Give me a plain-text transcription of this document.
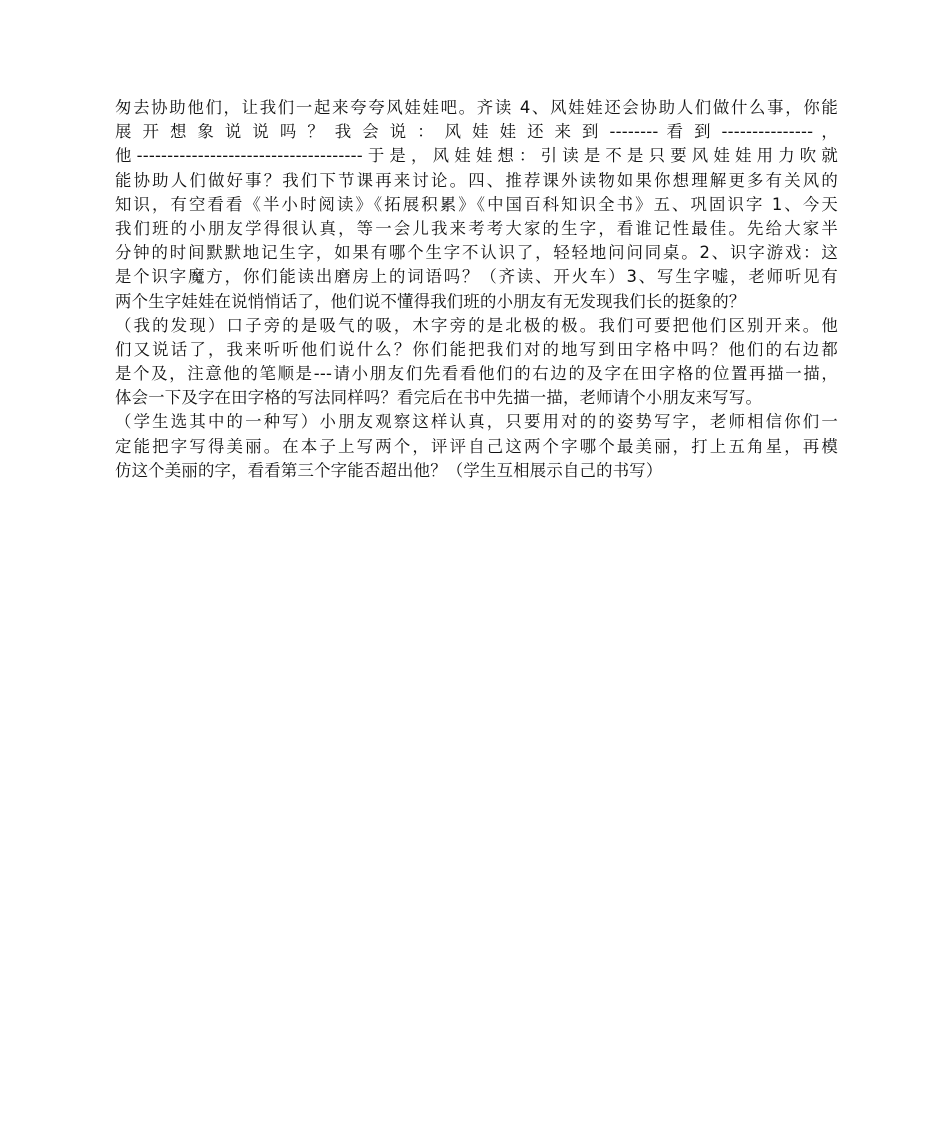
匆去协助他们，让我们一起来夸夸风娃娃吧。齐读 4、风娃娃还会协助人们做什么事，你能
展 开 想 象 说 说 吗 ？ 我 会 说 ： 风 娃 娃 还 来 到 -------- 看 到 --------------- ，
他-------------------------------------于是，风娃娃想：引读是不是只要风娃娃用力吹就
能协助人们做好事？我们下节课再来讨论。四、推荐课外读物如果你想理解更多有关风的
知识，有空看看《半小时阅读》《拓展积累》《中国百科知识全书》五、巩固识字 1、今天
我们班的小朋友学得很认真，等一会儿我来考考大家的生字，看谁记性最佳。先给大家半
分钟的时间默默地记生字，如果有哪个生字不认识了，轻轻地问问同桌。2、识字游戏：这
是个识字魔方，你们能读出磨房上的词语吗？（齐读、开火车）3、写生字嘘，老师听见有
两个生字娃娃在说悄悄话了，他们说不懂得我们班的小朋友有无发现我们长的挺象的？
（我的发现）口子旁的是吸气的吸，木字旁的是北极的极。我们可要把他们区别开来。他
们又说话了，我来听听他们说什么？你们能把我们对的地写到田字格中吗？他们的右边都
是个及，注意他的笔顺是---请小朋友们先看看他们的右边的及字在田字格的位置再描一描，
体会一下及字在田字格的写法同样吗？看完后在书中先描一描，老师请个小朋友来写写。
（学生选其中的一种写）小朋友观察这样认真，只要用对的的姿势写字，老师相信你们一
定能把字写得美丽。在本子上写两个，评评自己这两个字哪个最美丽，打上五角星，再模
仿这个美丽的字，看看第三个字能否超出他？（学生互相展示自己的书写）
